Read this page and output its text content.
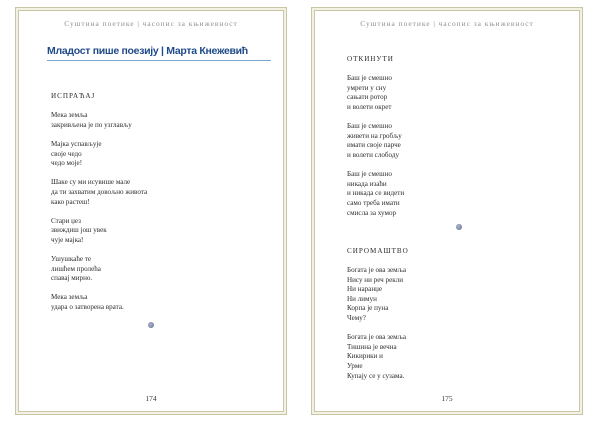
Суштина поетике | часопис за књижевност
Младост пише поезију | Марта Кнежевић
ИСПРАЋАЈ
Мека земља
закривљена је по узглављу
Мајка успављује
своје чедо
чедо моје!
Шаке су ми исувише мале
да ти захватим довољно живота
како растеш!
Стари џез
звиждиш још увек
чује мајка!
Ушушкаће те
лишћем пролећа
спавај мирно.
Мека земља
удара о затворена врата.
174
Суштина поетике | часопис за књижевност
ОТКИНУТИ
Баш је смешно
умрети у сну
сањати ротор
и волети окрет
Баш је смешно
живети на гробљу
имати своје парче
и волети слободу
Баш је смешно
никада изаћи
и никада се видети
само треба имати
смисла за хумор
СИРОМАШТВО
Богата је ова земља
Нису ни реч рекли
Ни наранџе
Ни лимун
Корпа је пуна
Чему?
Богата је ова земља
Тишина је вечна
Кикирики и
Урме
Купају се у сузама.
175
